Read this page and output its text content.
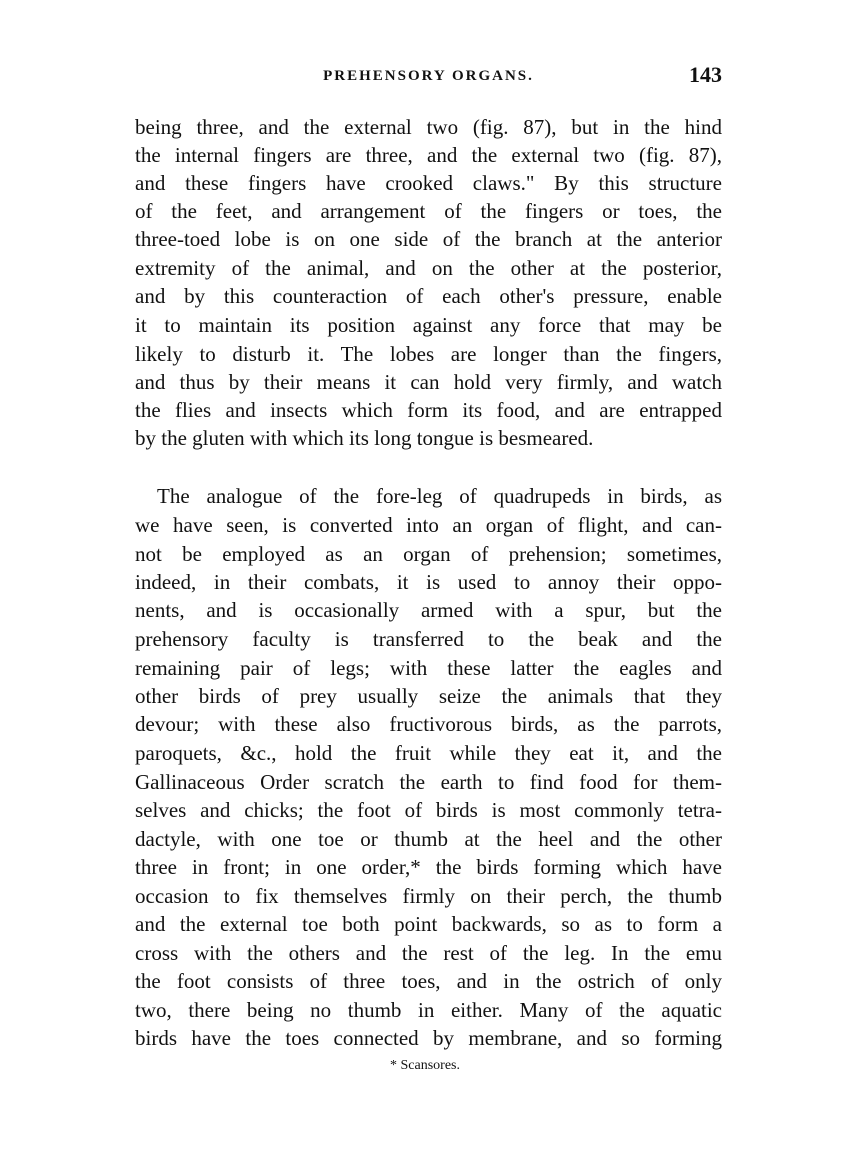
PREHENSORY ORGANS.	143
being three, and the external two (fig. 87), but in the hind
the internal fingers are three, and the external two (fig. 87),
and these fingers have crooked claws." By this structure
of the feet, and arrangement of the fingers or toes, the
three-toed lobe is on one side of the branch at the anterior
extremity of the animal, and on the other at the posterior,
and by this counteraction of each other's pressure, enable
it to maintain its position against any force that may be
likely to disturb it. The lobes are longer than the fingers,
and thus by their means it can hold very firmly, and watch
the flies and insects which form its food, and are entrapped
by the gluten with which its long tongue is besmeared.
The analogue of the fore-leg of quadrupeds in birds, as
we have seen, is converted into an organ of flight, and can-
not be employed as an organ of prehension; sometimes,
indeed, in their combats, it is used to annoy their oppo-
nents, and is occasionally armed with a spur, but the
prehensory faculty is transferred to the beak and the
remaining pair of legs; with these latter the eagles and
other birds of prey usually seize the animals that they
devour; with these also fructivorous birds, as the parrots,
paroquets, &c., hold the fruit while they eat it, and the
Gallinaceous Order scratch the earth to find food for them-
selves and chicks; the foot of birds is most commonly tetra-
dactyle, with one toe or thumb at the heel and the other
three in front; in one order,* the birds forming which have
occasion to fix themselves firmly on their perch, the thumb
and the external toe both point backwards, so as to form a
cross with the others and the rest of the leg. In the emu
the foot consists of three toes, and in the ostrich of only
two, there being no thumb in either. Many of the aquatic
birds have the toes connected by membrane, and so forming
* Scansores.
